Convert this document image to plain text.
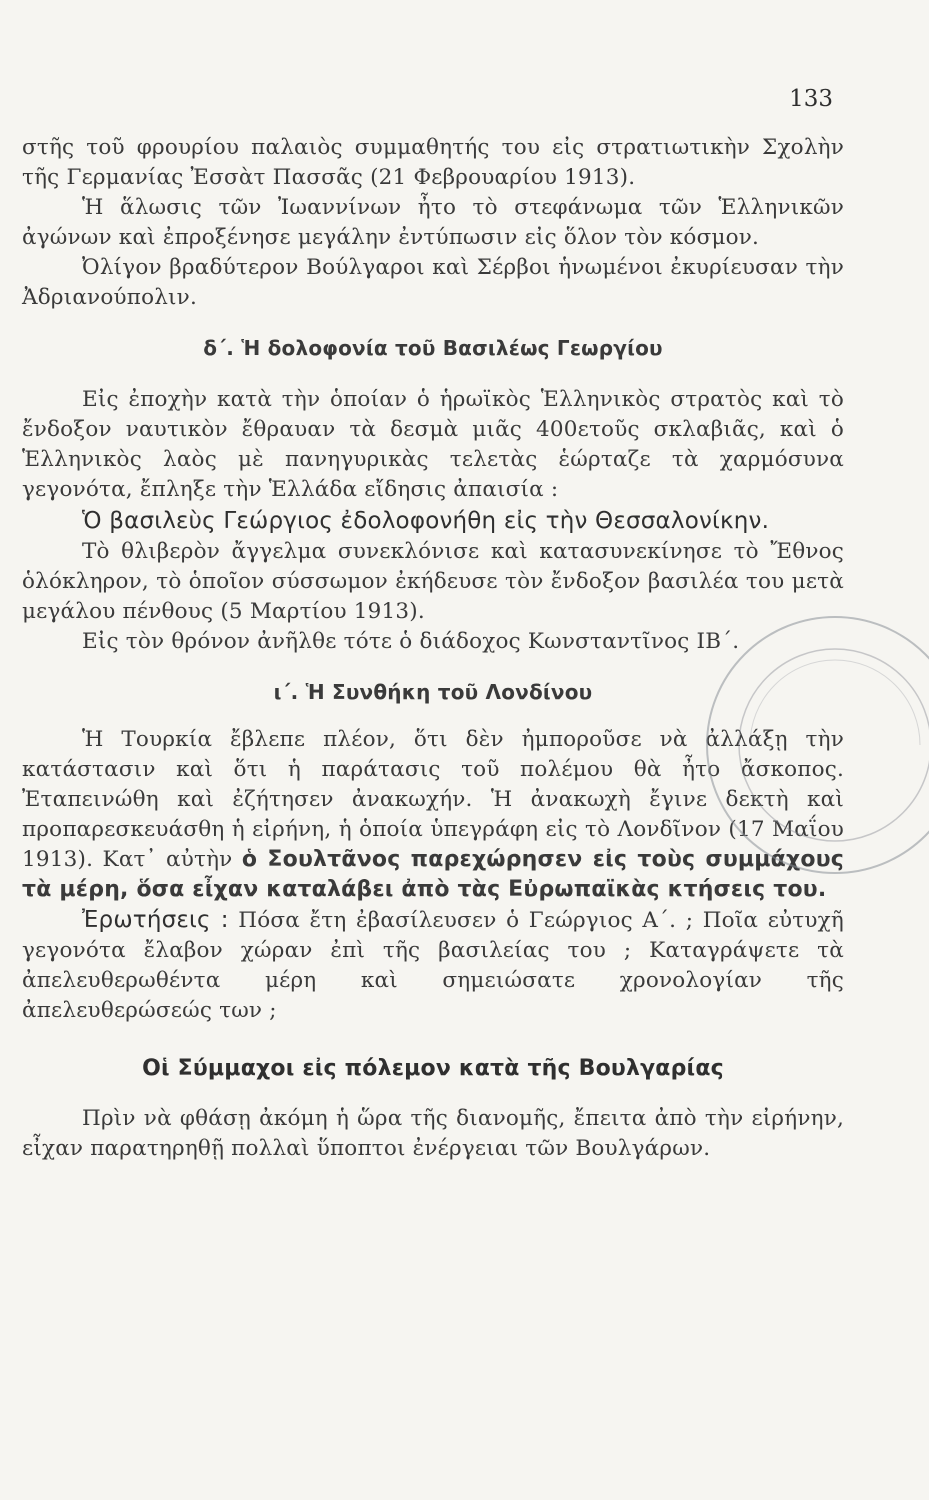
133

στῆς τοῦ φρουρίου παλαιὸς συμμαθητής του εἰς στρατιωτικὴν Σχολὴν τῆς Γερμανίας Ἐσσὰτ Πασσᾶς (21 Φεβρουαρίου 1913).

Ἡ ἅλωσις τῶν Ἰωαννίνων ἦτο τὸ στεφάνωμα τῶν Ἑλληνικῶν ἀγώνων καὶ ἐπροξένησε μεγάλην ἐντύπωσιν εἰς ὅλον τὸν κόσμον.

Ὀλίγον βραδύτερον Βούλγαροι καὶ Σέρβοι ἡνωμένοι ἐκυρίευσαν τὴν Ἀδριανούπολιν.

δ΄. Ἡ δολοφονία τοῦ Βασιλέως Γεωργίου

Εἰς ἐποχὴν κατὰ τὴν ὁποίαν ὁ ἡρωϊκὸς Ἑλληνικὸς στρατὸς καὶ τὸ ἔνδοξον ναυτικὸν ἔθραυαν τὰ δεσμὰ μιᾶς 400ετοῦς σκλαβιᾶς, καὶ ὁ Ἑλληνικὸς λαὸς μὲ πανηγυρικὰς τελετὰς ἑώρταζε τὰ χαρμόσυνα γεγονότα, ἔπληξε τὴν Ἑλλάδα εἴδησις ἀπαισία :

Ὁ βασιλεὺς Γεώργιος ἐδολοφονήθη εἰς τὴν Θεσσαλονίκην.

Τὸ θλιβερὸν ἄγγελμα συνεκλόνισε καὶ κατασυνεκίνησε τὸ Ἔθνος ὁλόκληρον, τὸ ὁποῖον σύσσωμον ἐκήδευσε τὸν ἔνδοξον βασιλέα του μετὰ μεγάλου πένθους (5 Μαρτίου 1913).

Εἰς τὸν θρόνον ἀνῆλθε τότε ὁ διάδοχος Κωνσταντῖνος ΙΒ΄.

ι΄. Ἡ Συνθήκη τοῦ Λονδίνου

Ἡ Τουρκία ἔβλεπε πλέον, ὅτι δὲν ἠμποροῦσε νὰ ἀλλάξῃ τὴν κατάστασιν καὶ ὅτι ἡ παράτασις τοῦ πολέμου θὰ ἦτο ἄσκοπος. Ἐταπεινώθη καὶ ἐζήτησεν ἀνακωχήν. Ἡ ἀνακωχὴ ἔγινε δεκτὴ καὶ προπαρεσκευάσθη ἡ εἰρήνη, ἡ ὁποία ὑπεγράφη εἰς τὸ Λονδῖνον (17 Μαΐου 1913). Κατ᾽ αὐτὴν ὁ Σουλτᾶνος παρεχώρησεν εἰς τοὺς συμμάχους τὰ μέρη, ὅσα εἶχαν καταλάβει ἀπὸ τὰς Εὐρωπαϊκὰς κτήσεις του.

Ἐρωτήσεις : Πόσα ἔτη ἐβασίλευσεν ὁ Γεώργιος Α΄. ; Ποῖα εὐτυχῆ γεγονότα ἔλαβον χώραν ἐπὶ τῆς βασιλείας του ; Καταγράψετε τὰ ἀπελευθερωθέντα μέρη καὶ σημειώσατε χρονολογίαν τῆς ἀπελευθερώσεώς των ;

Οἱ Σύμμαχοι εἰς πόλεμον κατὰ τῆς Βουλγαρίας

Πρὶν νὰ φθάσῃ ἀκόμη ἡ ὥρα τῆς διανομῆς, ἔπειτα ἀπὸ τὴν εἰρήνην, εἶχαν παρατηρηθῇ πολλαὶ ὕποπτοι ἐνέργειαι τῶν Βουλγάρων.
